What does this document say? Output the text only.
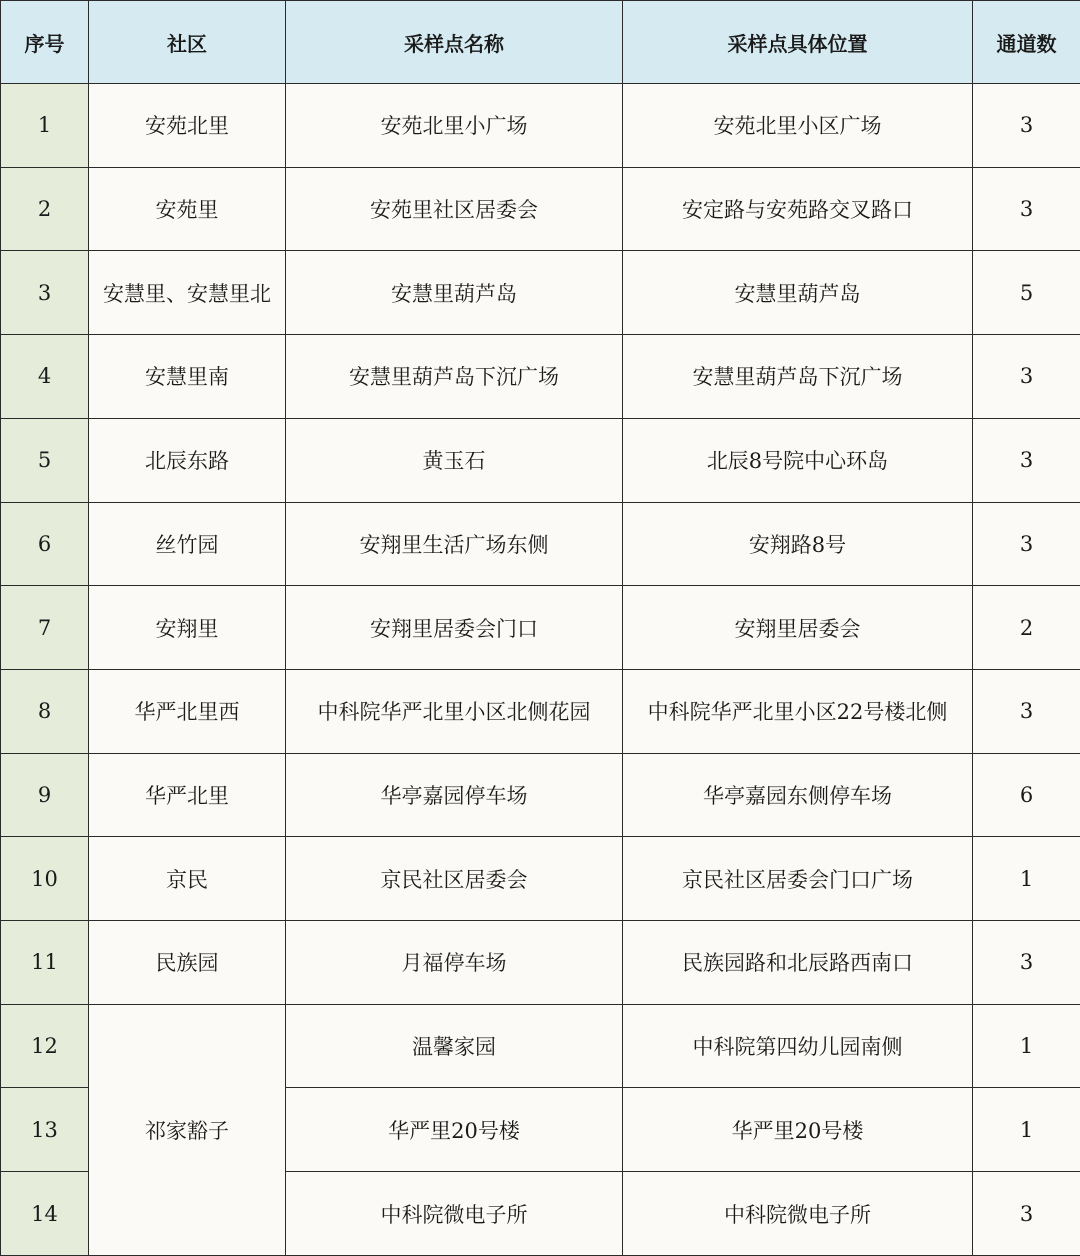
序号	社区	采样点名称	采样点具体位置	通道数
1	安苑北里	安苑北里小广场	安苑北里小区广场	3
2	安苑里	安苑里社区居委会	安定路与安苑路交叉路口	3
3	安慧里、安慧里北	安慧里葫芦岛	安慧里葫芦岛	5
4	安慧里南	安慧里葫芦岛下沉广场	安慧里葫芦岛下沉广场	3
5	北辰东路	黄玉石	北辰8号院中心环岛	3
6	丝竹园	安翔里生活广场东侧	安翔路8号	3
7	安翔里	安翔里居委会门口	安翔里居委会	2
8	华严北里西	中科院华严北里小区北侧花园	中科院华严北里小区22号楼北侧	3
9	华严北里	华亭嘉园停车场	华亭嘉园东侧停车场	6
10	京民	京民社区居委会	京民社区居委会门口广场	1
11	民族园	月福停车场	民族园路和北辰路西南口	3
12	祁家豁子	温馨家园	中科院第四幼儿园南侧	1
13		华严里20号楼	华严里20号楼	1
14		中科院微电子所	中科院微电子所	3
